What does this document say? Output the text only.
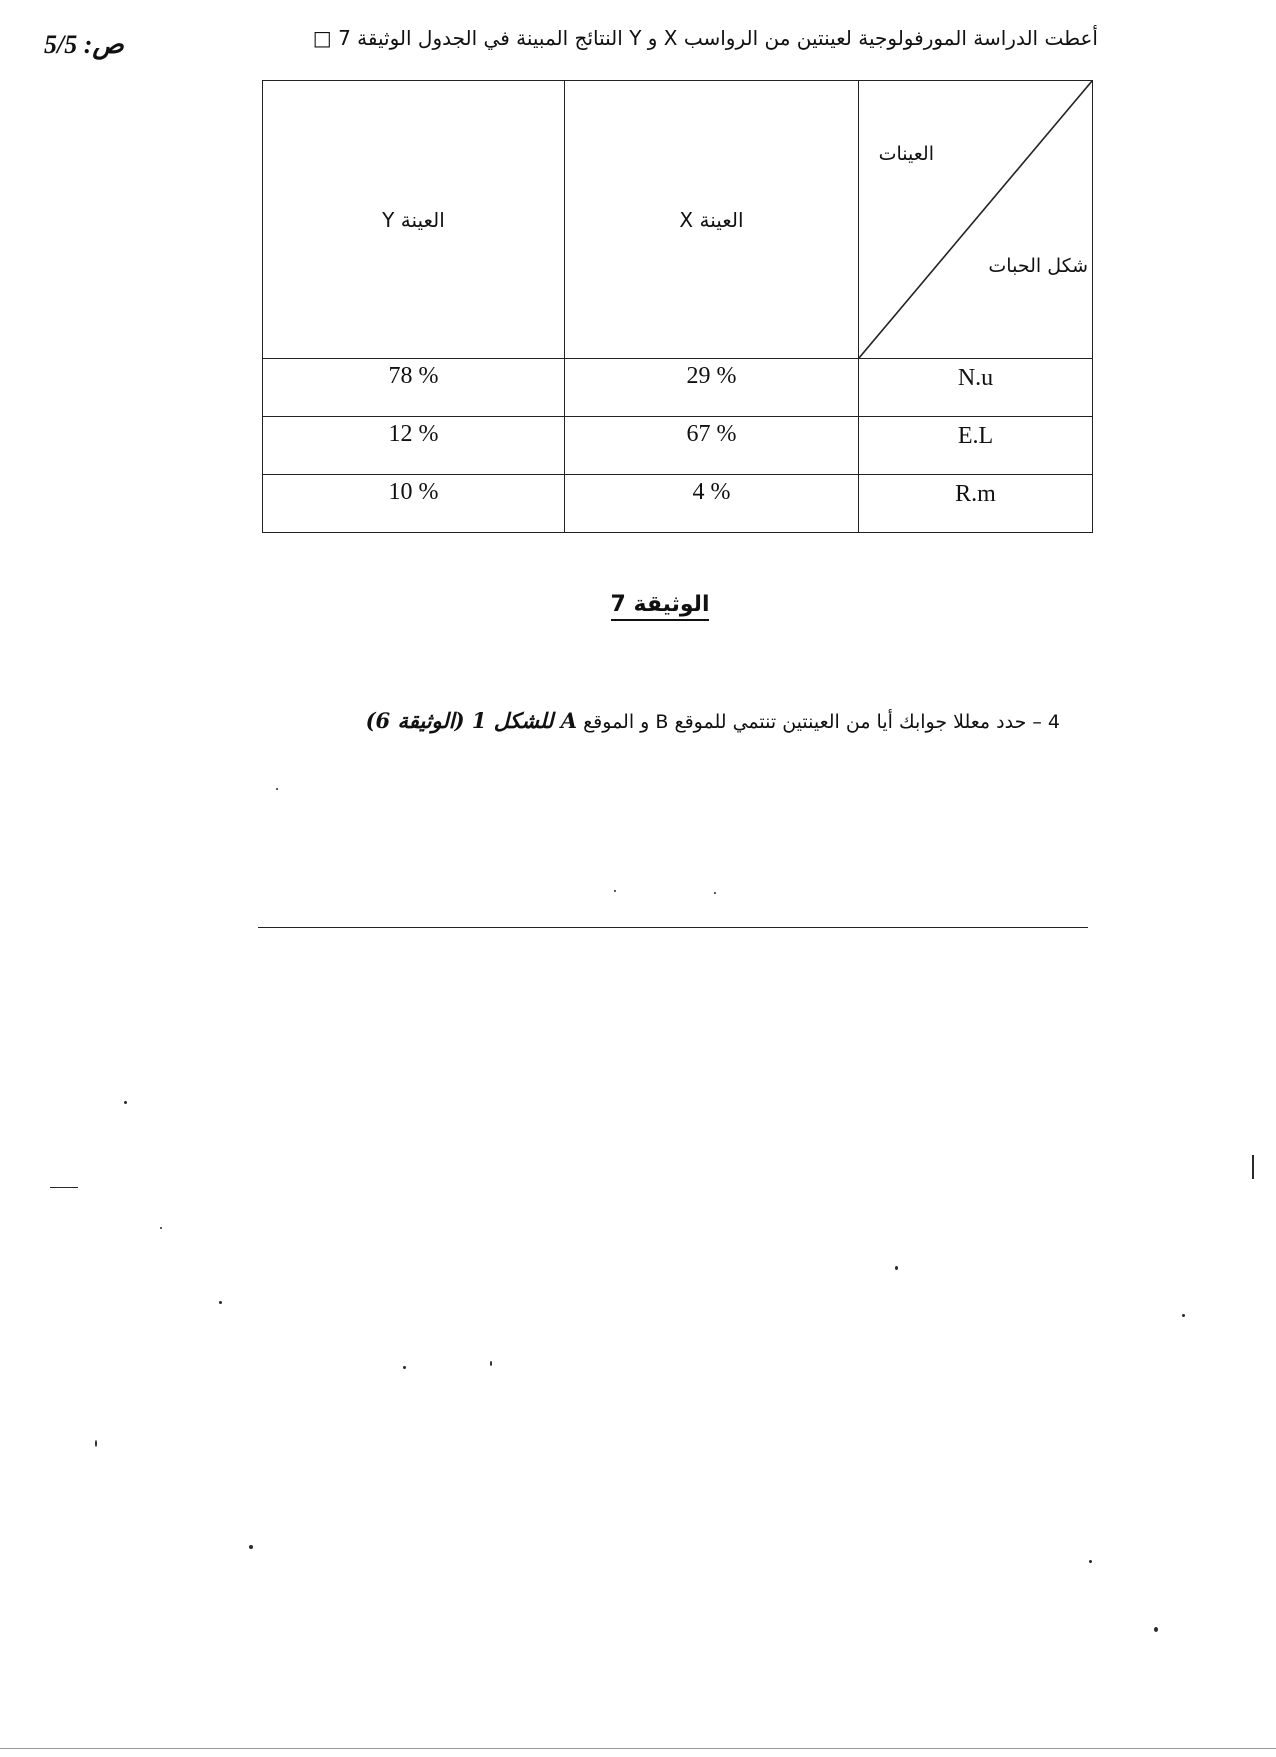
ص: 5/5	أعطت الدراسة المورفولوجية لعينتين من الرواسب X و Y النتائج المبينة في الجدول الوثيقة 7 □
العينة Y	العينة X	العينات
شكل الحبات

78 %	29 %	N.u
12 %	67 %	E.L
10 %	4 %	R.m
الوثيقة 7
4 – حدد معللا جوابك أيا من العينتين تنتمي للموقع B و الموقع A للشكل 1 (الوثيقة 6)
